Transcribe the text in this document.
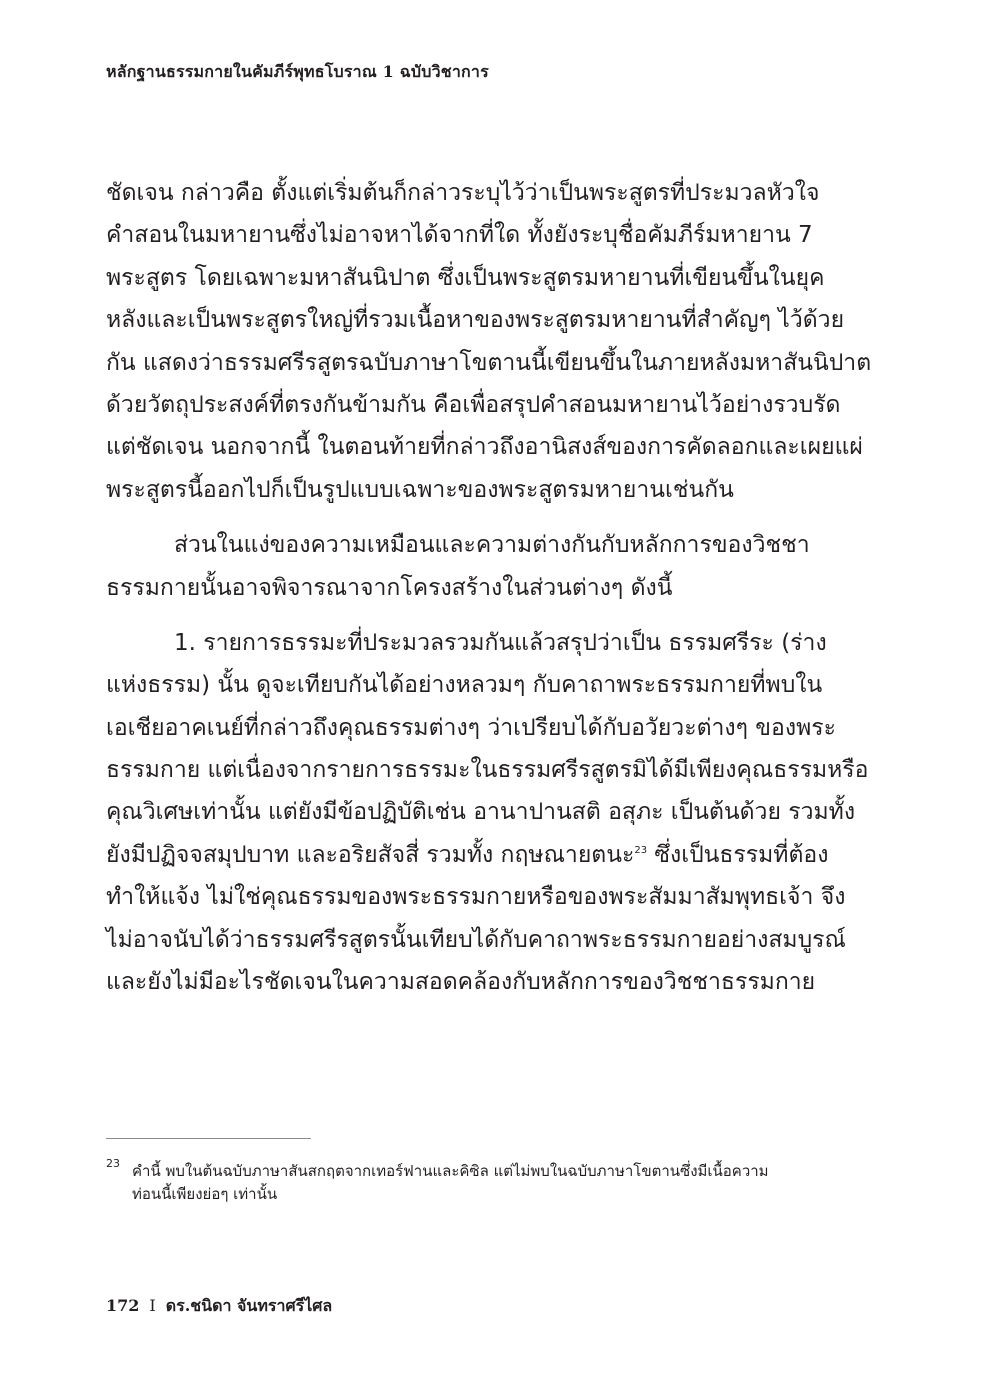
หลักฐานธรรมกายในคัมภีร์พุทธโบราณ 1 ฉบับวิชาการ
ชัดเจน กล่าวคือ ตั้งแต่เริ่มต้นก็กล่าวระบุไว้ว่าเป็นพระสูตรที่ประมวลหัวใจ
คำสอนในมหายานซึ่งไม่อาจหาได้จากที่ใด ทั้งยังระบุชื่อคัมภีร์มหายาน 7
พระสูตร โดยเฉพาะมหาสันนิปาต ซึ่งเป็นพระสูตรมหายานที่เขียนขึ้นในยุค
หลังและเป็นพระสูตรใหญ่ที่รวมเนื้อหาของพระสูตรมหายานที่สำคัญๆ ไว้ด้วย
กัน แสดงว่าธรรมศรีรสูตรฉบับภาษาโขตานนี้เขียนขึ้นในภายหลังมหาสันนิปาต
ด้วยวัตถุประสงค์ที่ตรงกันข้ามกัน คือเพื่อสรุปคำสอนมหายานไว้อย่างรวบรัด
แต่ชัดเจน นอกจากนี้ ในตอนท้ายที่กล่าวถึงอานิสงส์ของการคัดลอกและเผยแผ่
พระสูตรนี้ออกไปก็เป็นรูปแบบเฉพาะของพระสูตรมหายานเช่นกัน
ส่วนในแง่ของความเหมือนและความต่างกันกับหลักการของวิชชา
ธรรมกายนั้นอาจพิจารณาจากโครงสร้างในส่วนต่างๆ ดังนี้
1. รายการธรรมะที่ประมวลรวมกันแล้วสรุปว่าเป็น ธรรมศรีระ (ร่าง
แห่งธรรม) นั้น ดูจะเทียบกันได้อย่างหลวมๆ กับคาถาพระธรรมกายที่พบใน
เอเชียอาคเนย์ที่กล่าวถึงคุณธรรมต่างๆ ว่าเปรียบได้กับอวัยวะต่างๆ ของพระ
ธรรมกาย แต่เนื่องจากรายการธรรมะในธรรมศรีรสูตรมิได้มีเพียงคุณธรรมหรือ
คุณวิเศษเท่านั้น แต่ยังมีข้อปฏิบัติเช่น อานาปานสติ อสุภะ เป็นต้นด้วย รวมทั้ง
ยังมีปฏิจจสมุปบาท และอริยสัจสี่ รวมทั้ง กฤษณายตนะ$^{23}$ ซึ่งเป็นธรรมที่ต้อง
ทำให้แจ้ง ไม่ใช่คุณธรรมของพระธรรมกายหรือของพระสัมมาสัมพุทธเจ้า จึง
ไม่อาจนับได้ว่าธรรมศรีรสูตรนั้นเทียบได้กับคาถาพระธรรมกายอย่างสมบูรณ์
และยังไม่มีอะไรชัดเจนในความสอดคล้องกับหลักการของวิชชาธรรมกาย
23 คำนี้ พบในต้นฉบับภาษาสันสกฤตจากเทอร์ฟานและคิซิล แต่ไม่พบในฉบับภาษาโขตานซึ่งมีเนื้อความ
ท่อนนี้เพียงย่อๆ เท่านั้น
172 I ดร.ชนิดา จันทราศรีไศล
